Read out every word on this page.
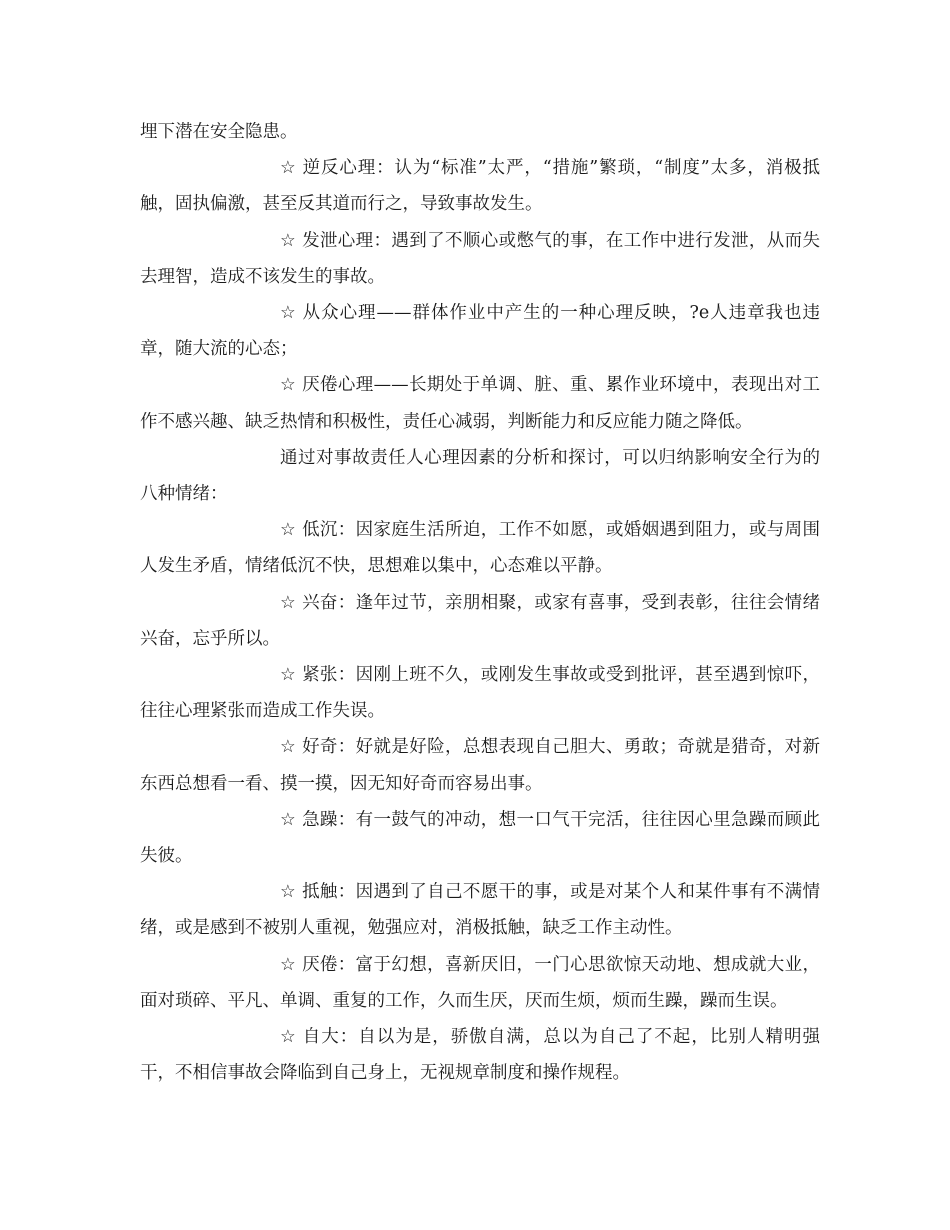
埋下潜在安全隐患。

☆ 逆反心理：认为“标准”太严，“措施”繁琐，“制度”太多，消极抵触，固执偏激，甚至反其道而行之，导致事故发生。

☆ 发泄心理：遇到了不顺心或憋气的事，在工作中进行发泄，从而失去理智，造成不该发生的事故。

☆ 从众心理——群体作业中产生的一种心理反映，?e人违章我也违章，随大流的心态；

☆ 厌倦心理——长期处于单调、脏、重、累作业环境中，表现出对工作不感兴趣、缺乏热情和积极性，责任心减弱，判断能力和反应能力随之降低。

通过对事故责任人心理因素的分析和探讨，可以归纳影响安全行为的八种情绪：

☆ 低沉：因家庭生活所迫，工作不如愿，或婚姻遇到阻力，或与周围人发生矛盾，情绪低沉不快，思想难以集中，心态难以平静。

☆ 兴奋：逢年过节，亲朋相聚，或家有喜事，受到表彰，往往会情绪兴奋，忘乎所以。

☆ 紧张：因刚上班不久，或刚发生事故或受到批评，甚至遇到惊吓，往往心理紧张而造成工作失误。

☆ 好奇：好就是好险，总想表现自己胆大、勇敢；奇就是猎奇，对新东西总想看一看、摸一摸，因无知好奇而容易出事。

☆ 急躁：有一鼓气的冲动，想一口气干完活，往往因心里急躁而顾此失彼。

☆ 抵触：因遇到了自己不愿干的事，或是对某个人和某件事有不满情绪，或是感到不被别人重视，勉强应对，消极抵触，缺乏工作主动性。

☆ 厌倦：富于幻想，喜新厌旧，一门心思欲惊天动地、想成就大业，面对琐碎、平凡、单调、重复的工作，久而生厌，厌而生烦，烦而生躁，躁而生误。

☆ 自大：自以为是，骄傲自满，总以为自己了不起，比别人精明强干，不相信事故会降临到自己身上，无视规章制度和操作规程。
